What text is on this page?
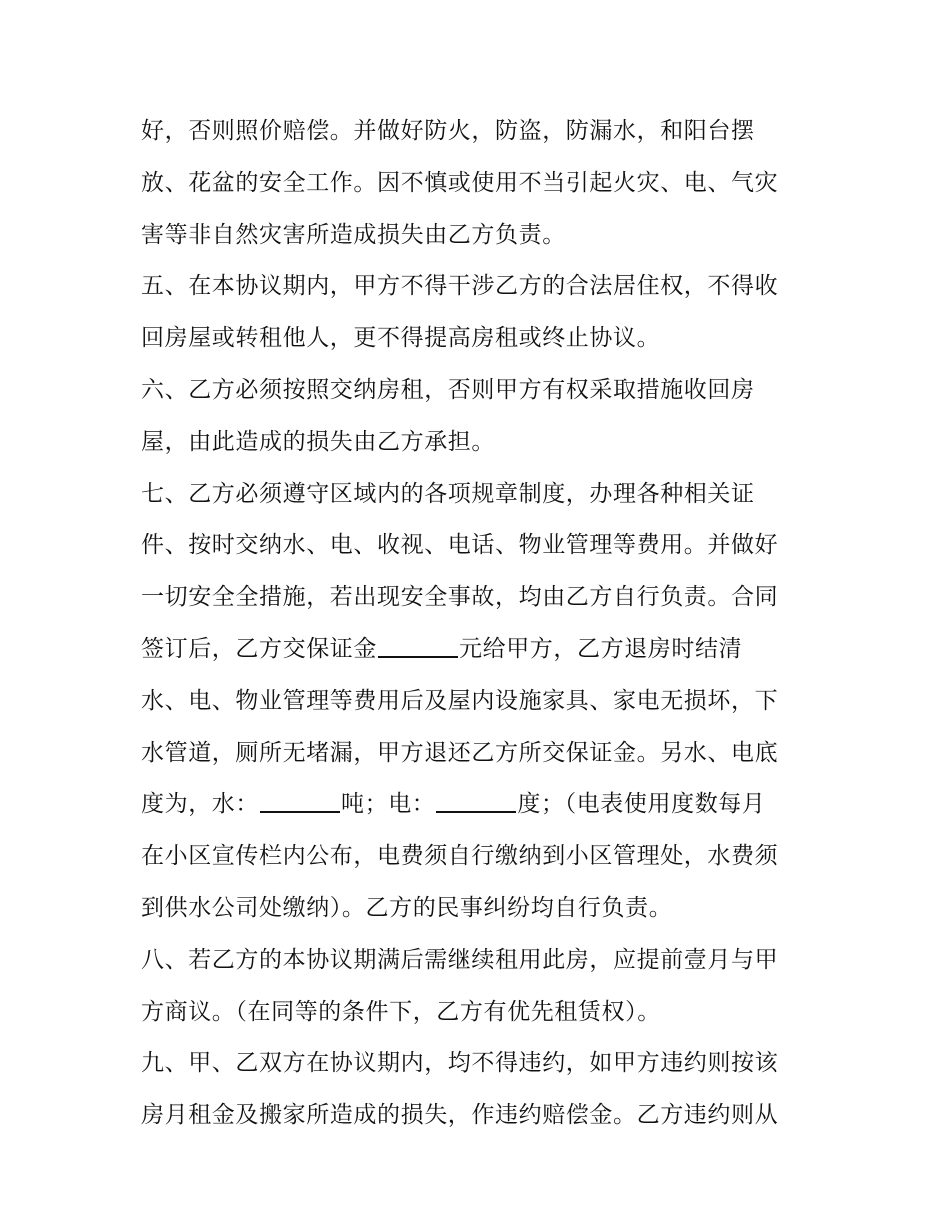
好，否则照价赔偿。并做好防火，防盗，防漏水，和阳台摆
放、花盆的安全工作。因不慎或使用不当引起火灾、电、气灾
害等非自然灾害所造成损失由乙方负责。
五、在本协议期内，甲方不得干涉乙方的合法居住权，不得收
回房屋或转租他人，更不得提高房租或终止协议。
六、乙方必须按照交纳房租，否则甲方有权采取措施收回房
屋，由此造成的损失由乙方承担。
七、乙方必须遵守区域内的各项规章制度，办理各种相关证
件、按时交纳水、电、收视、电话、物业管理等费用。并做好
一切安全全措施，若出现安全事故，均由乙方自行负责。合同
签订后，乙方交保证金	元给甲方，乙方退房时结清
水、电、物业管理等费用后及屋内设施家具、家电无损坏，下
水管道，厕所无堵漏，甲方退还乙方所交保证金。另水、电底
度为，水：	吨；电：	度；（电表使用度数每月
在小区宣传栏内公布，电费须自行缴纳到小区管理处，水费须
到供水公司处缴纳）。乙方的民事纠纷均自行负责。
八、若乙方的本协议期满后需继续租用此房，应提前壹月与甲
方商议。（在同等的条件下，乙方有优先租赁权）。
九、甲、乙双方在协议期内，均不得违约，如甲方违约则按该
房月租金及搬家所造成的损失，作违约赔偿金。乙方违约则从
